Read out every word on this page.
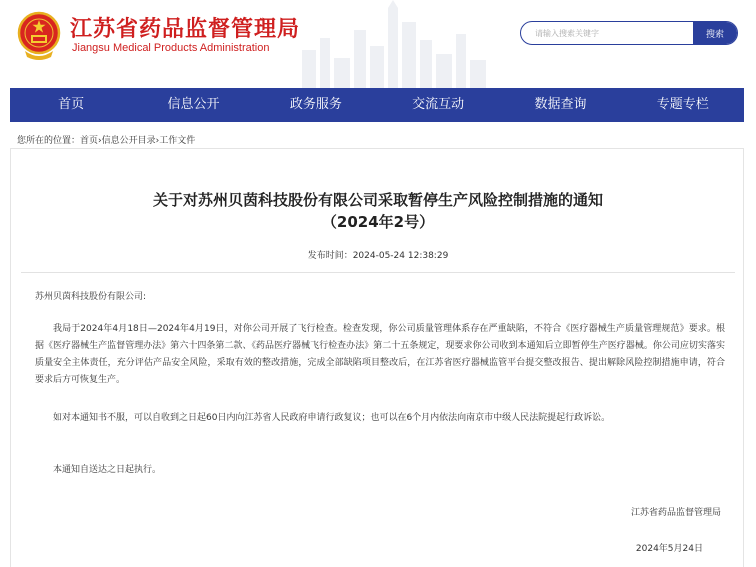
江苏省药品监督管理局
Jiangsu Medical Products Administration
请输入搜索关键字
搜索
首页	信息公开	政务服务	交流互动	数据查询	专题专栏
您所在的位置：首页›信息公开目录›工作文件
关于对苏州贝茵科技股份有限公司采取暂停生产风险控制措施的通知
（2024年2号）
发布时间：2024-05-24 12:38:29
苏州贝茵科技股份有限公司:
我局于2024年4月18日—2024年4月19日，对你公司开展了飞行检查。检查发现，你公司质量管理体系存在严重缺陷，不符合《医疗器械生产质量管理规范》要求。根据《医疗器械生产监督管理办法》第六十四条第二款、《药品医疗器械飞行检查办法》第二十五条规定，现要求你公司收到本通知后立即暂停生产医疗器械。你公司应切实落实质量安全主体责任，充分评估产品安全风险，采取有效的整改措施，完成全部缺陷项目整改后，在江苏省医疗器械监管平台提交整改报告、提出解除风险控制措施申请，符合要求后方可恢复生产。
如对本通知书不服，可以自收到之日起60日内向江苏省人民政府申请行政复议；也可以在6个月内依法向南京市中级人民法院提起行政诉讼。
本通知自送达之日起执行。
江苏省药品监督管理局
2024年5月24日
